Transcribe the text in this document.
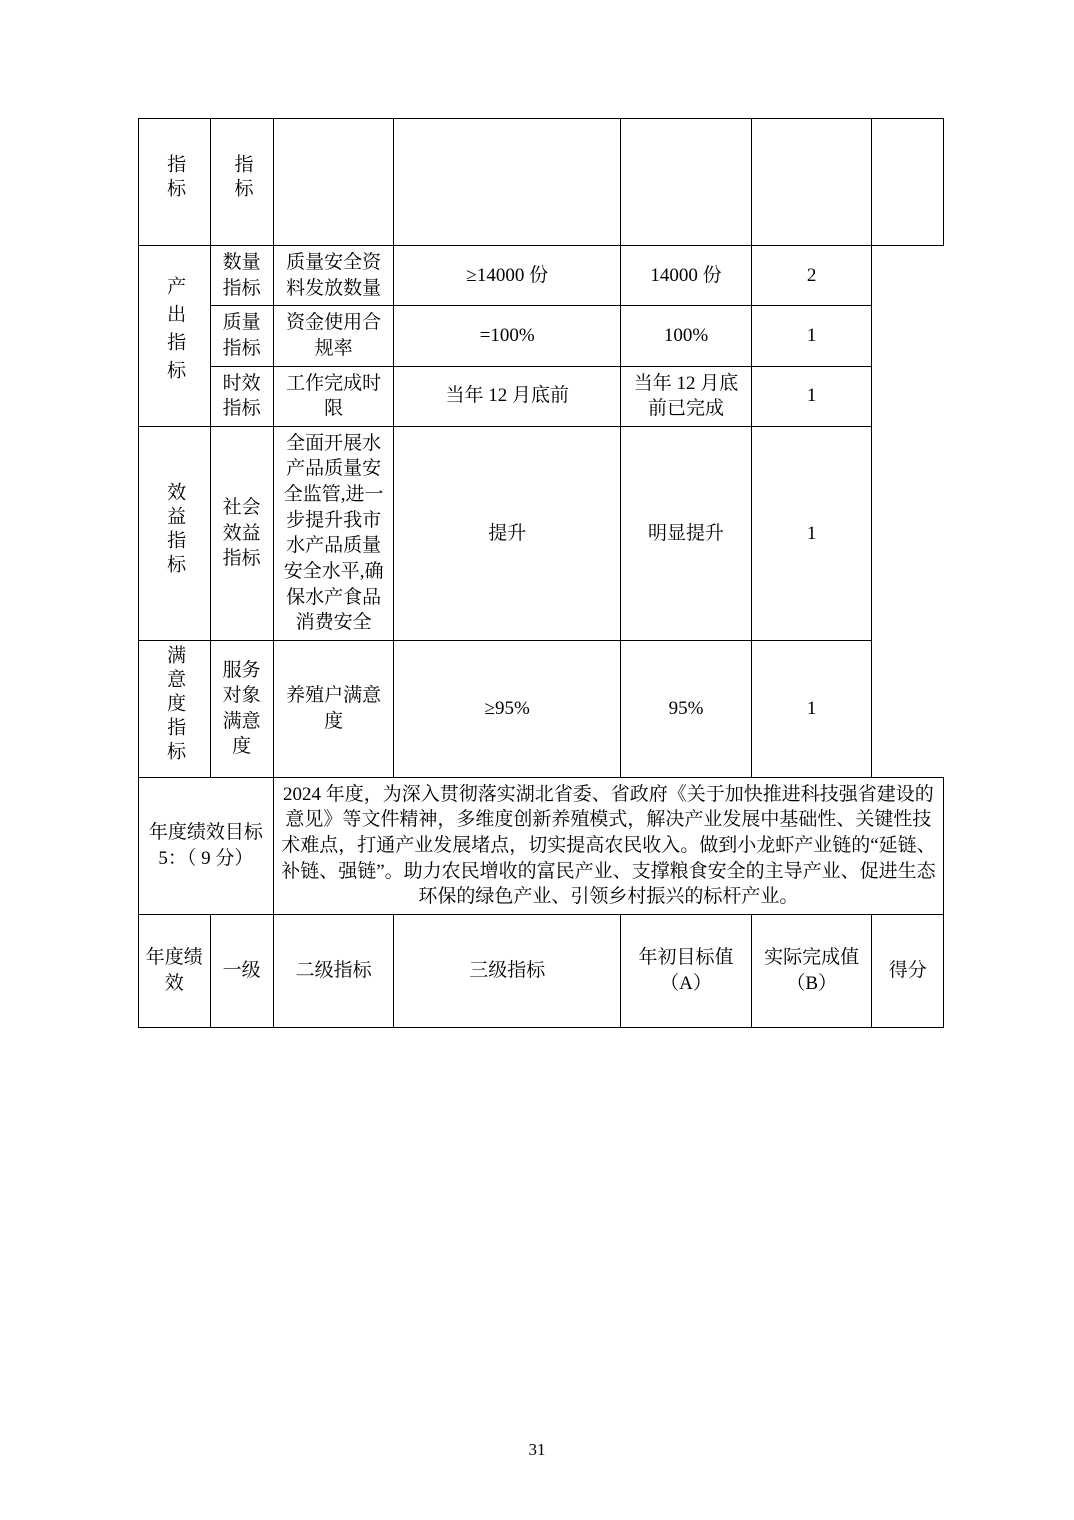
指标	指标					
产出指标	数量指标	质量安全资料发放数量	≥14000 份	14000 份	2	
	质量指标	资金使用合规率	=100%	100%	1	
	时效指标	工作完成时限	当年 12 月底前	当年 12 月底前已完成	1	
效益指标	社会效益指标	全面开展水产品质量安全监管,进一步提升我市水产品质量安全水平,确保水产食品消费安全	提升	明显提升	1	
满意度指标	服务对象满意度	养殖户满意度	≥95%	95%	1	
年度绩效目标 5：（ 9 分）		2024 年度，为深入贯彻落实湖北省委、省政府《关于加快推进科技强省建设的意见》等文件精神，多维度创新养殖模式，解决产业发展中基础性、关键性技术难点，打通产业发展堵点，切实提高农民收入。做到小龙虾产业链的“延链、补链、强链”。助力农民增收的富民产业、支撑粮食安全的主导产业、促进生态环保的绿色产业、引领乡村振兴的标杆产业。				
年度绩效	一级	二级指标	三级指标	年初目标值（A）	实际完成值（B）	得分
31
